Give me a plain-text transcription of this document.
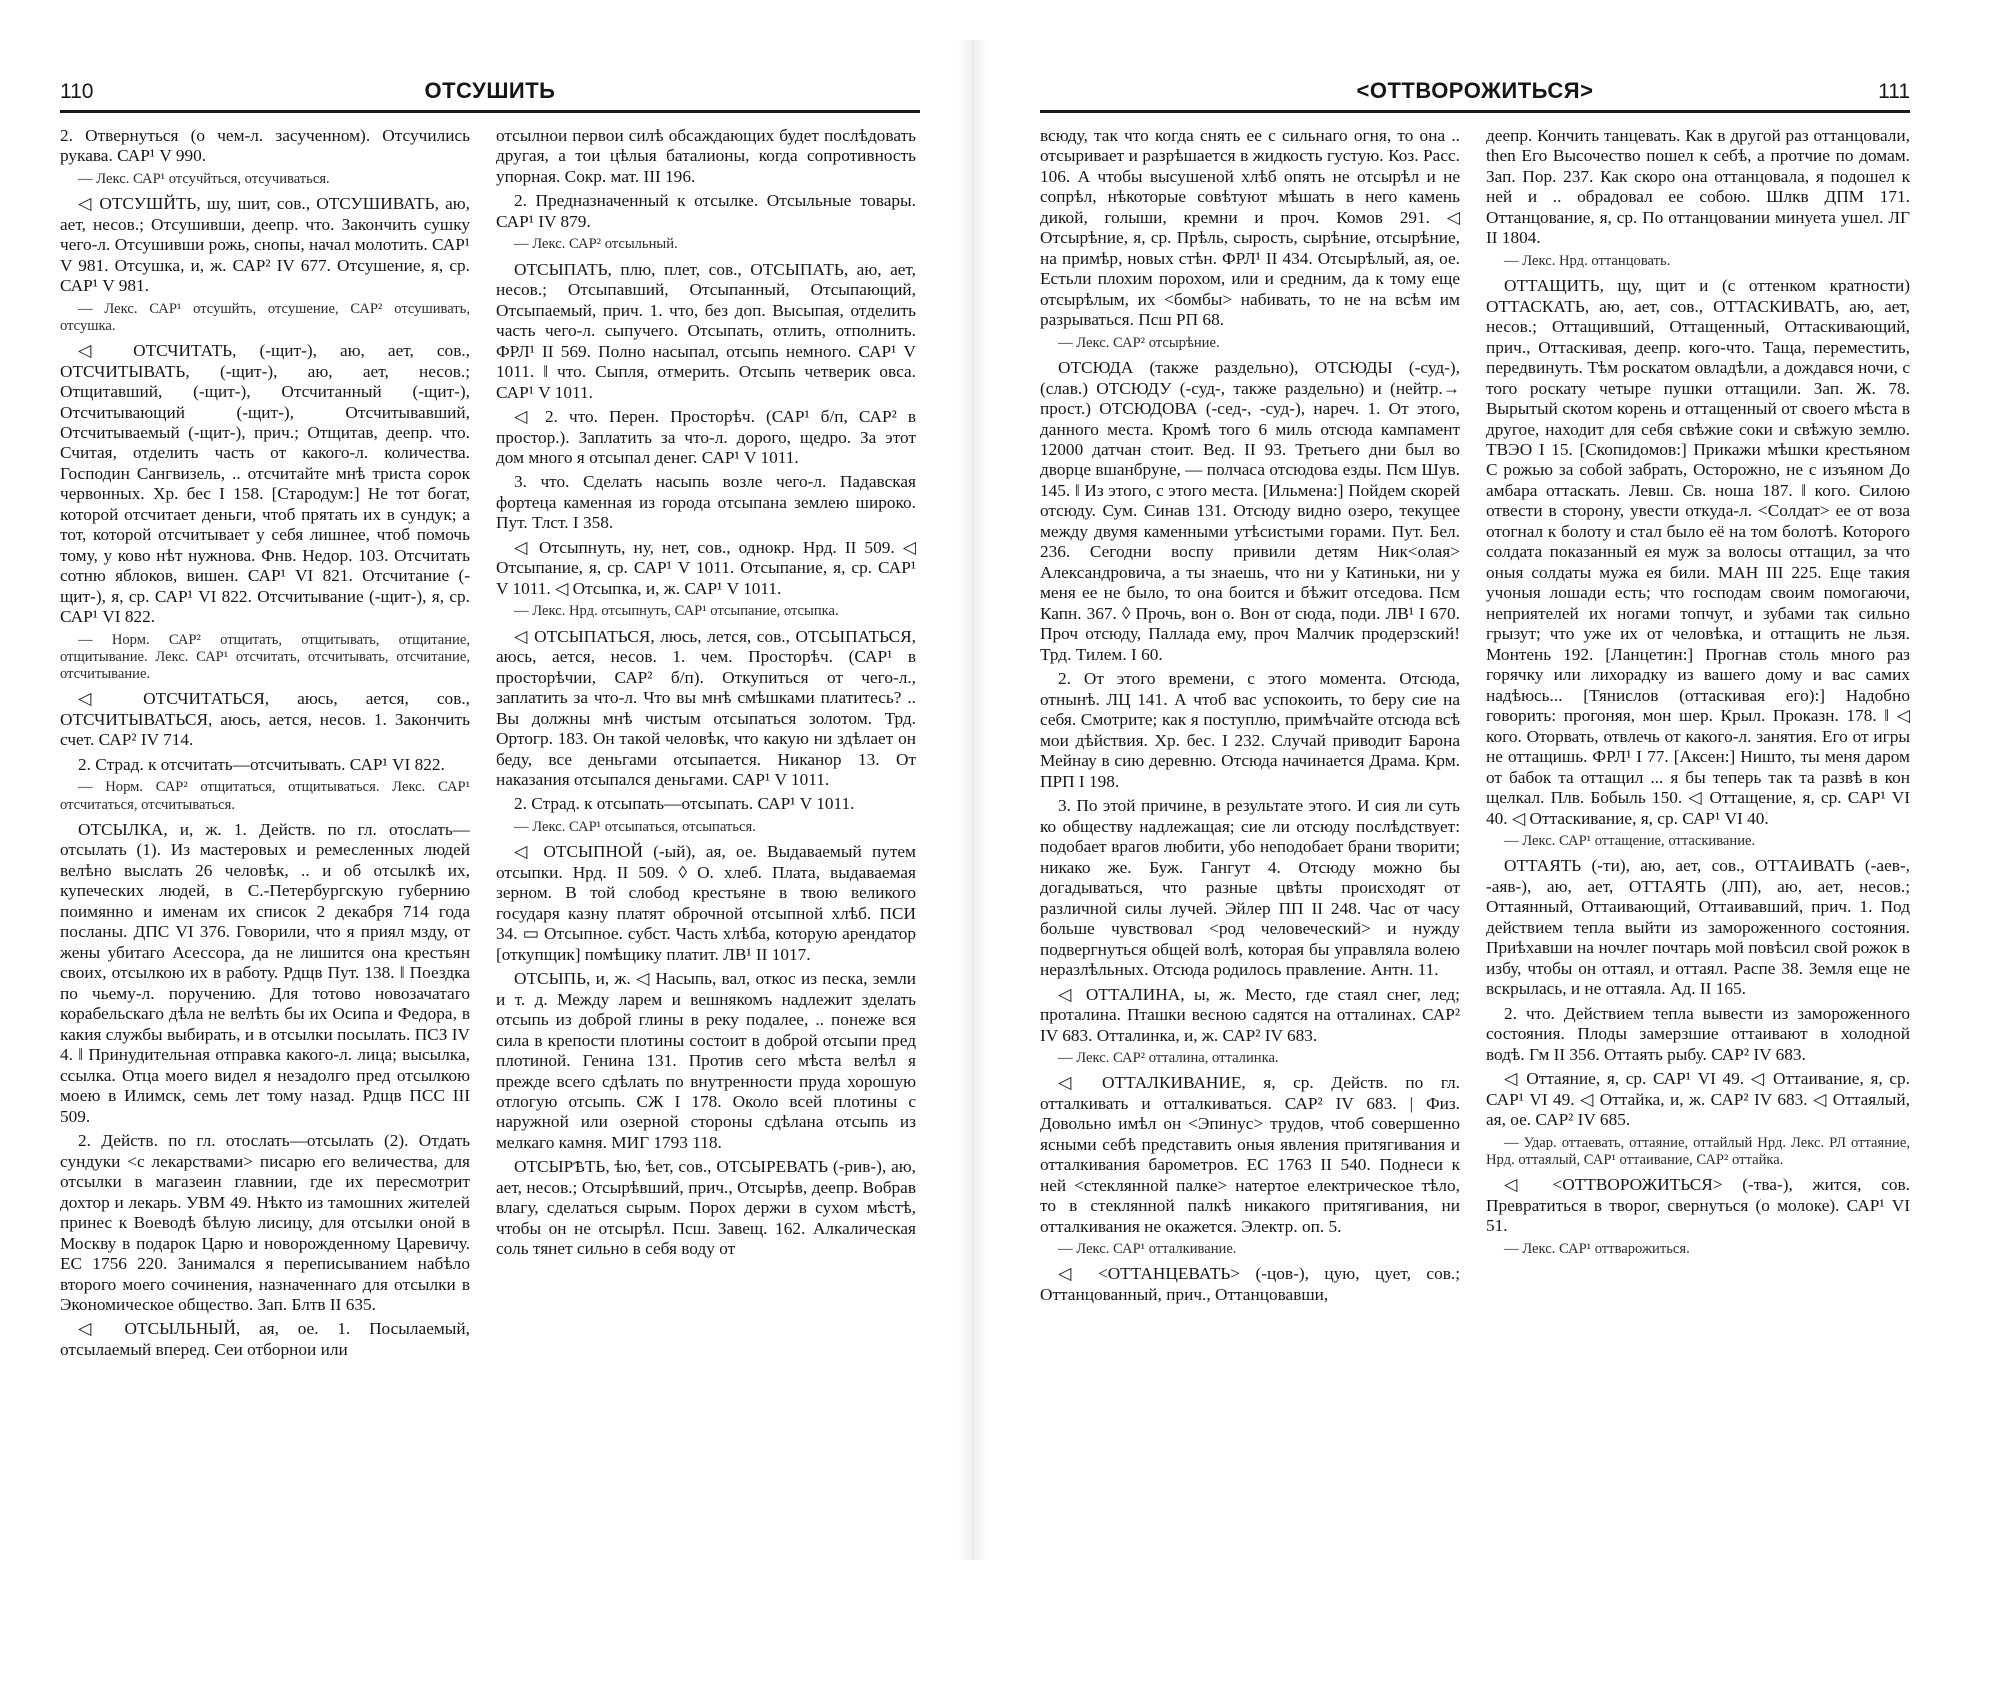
110	ОТСУШИТЬ

2. Отвернуться (о чем-л. засученном). Отсучились рукава. САР¹ V 990.

— Лекс. САР¹ отсучйться, отсучиваться.

◁ ОТСУШЙТЬ, шу, шит, сов., ОТСУШИВАТЬ, аю, ает, несов.; Отсушивши, деепр. что. Закончить сушку чего-л. Отсушивши рожь, снопы, начал молотить. САР¹ V 981. Отсушка, и, ж. САР² IV 677. Отсушение, я, ср. САР¹ V 981.

— Лекс. САР¹ отсушйть, отсушение, САР² отсушивать, отсушка.

◁ ОТСЧИТАТЬ, (-щит-), аю, ает, сов., ОТСЧИТЫВАТЬ, (-щит-), аю, ает, несов.; Отщитавший, (-щит-), Отсчитанный (-щит-), Отсчитывающий (-щит-), Отсчитывавший, Отсчитываемый (-щит-), прич.; Отщитав, деепр. что. Считая, отделить часть от какого-л. количества. Господин Сангвизель, .. отсчитайте мнѣ триста сорок червонных. Хр. бес I 158. [Стародум:] Не тот богат, которой отсчитает деньги, чтоб прятать их в сундук; а тот, которой отсчитывает у себя лишнее, чтоб помочь тому, у ково нѣт нужнова. Фнв. Недор. 103. Отсчитать сотню яблоков, вишен. САР¹ VI 821. Отсчитание (-щит-), я, ср. САР¹ VI 822. Отсчитывание (-щит-), я, ср. САР¹ VI 822.

— Норм. САР² отщитать, отщитывать, отщитание, отщитывание. Лекс. САР¹ отсчитать, отсчитывать, отсчитание, отсчитывание.

◁ ОТСЧИТАТЬСЯ, аюсь, ается, сов., ОТСЧИТЫВАТЬСЯ, аюсь, ается, несов. 1. Закончить счет. САР² IV 714.

2. Страд. к отсчитать—отсчитывать. САР¹ VI 822.

— Норм. САР² отщитаться, отщитываться. Лекс. САР¹ отсчитаться, отсчитываться.

ОТСЫЛКА, и, ж. 1. Действ. по гл. отослать—отсылать (1). Из мастеровых и ремесленных людей велѣно выслать 26 человѣк, .. и об отсылкѣ их, купеческих людей, в С.-Петербургскую губернию поимянно и именам их список 2 декабря 714 года посланы. ДПС VI 376. Говорили, что я приял мзду, от жены убитаго Асессора, да не лишится она крестьян своих, отсылкою их в работу. Рдщв Пут. 138. ‖ Поездка по чьему-л. поручению. Для тотово новозачатаго корабельскаго дѣла не велѣть бы их Осипа и Федора, в какия службы выбирать, и в отсылки посылать. ПСЗ IV 4. ‖ Принудительная отправка какого-л. лица; высылка, ссылка. Отца моего видел я незадолго пред отсылкою моею в Илимск, семь лет тому назад. Рдщв ПСС III 509.

2. Действ. по гл. отослать—отсылать (2). Отдать сундуки <с лекарствами> писарю его величества, для отсылки в магазеин главнии, где их пересмотрит дохтор и лекарь. УВМ 49. Нѣкто из тамошних жителей принес к Воеводѣ бѣлую лисицу, для отсылки оной в Москву в подарок Царю и новорожденному Царевичу. ЕС 1756 220. Занимался я переписыванием набѣло второго моего сочинения, назначеннаго для отсылки в Экономическое общество. Зап. Блтв II 635.

◁ ОТСЫЛЬНЫЙ, ая, ое. 1. Посылаемый, отсылаемый вперед. Сеи отборнои или

отсылнои первои силѣ обсаждающих будет послѣдовать другая, а тои цѣлыя баталионы, когда сопротивность упорная. Сокр. мат. III 196.

2. Предназначенный к отсылке. Отсыльные товары. САР¹ IV 879.

— Лекс. САР² отсыльный.

ОТСЫПАТЬ, плю, плет, сов., ОТСЫПАТЬ, аю, ает, несов.; Отсыпавший, Отсыпанный, Отсыпающий, Отсыпаемый, прич. 1. что, без доп. Высыпая, отделить часть чего-л. сыпучего. Отсыпать, отлить, отполнить. ФРЛ¹ II 569. Полно насыпал, отсыпь немного. САР¹ V 1011. ‖ что. Сыпля, отмерить. Отсыпь четверик овса. САР¹ V 1011.

◁ 2. что. Перен. Просторѣч. (САР¹ б/п, САР² в простор.). Заплатить за что-л. дорого, щедро. За этот дом много я отсыпал денег. САР¹ V 1011.

3. что. Сделать насыпь возле чего-л. Падавская фортеца каменная из города отсыпана землею широко. Пут. Тлст. I 358.

◁ Отсыпнуть, ну, нет, сов., однокр. Нрд. II 509. ◁ Отсыпание, я, ср. САР¹ V 1011. Отсыпание, я, ср. САР¹ V 1011. ◁ Отсыпка, и, ж. САР¹ V 1011.

— Лекс. Нрд. отсыпнуть, САР¹ отсыпание, отсыпка.

◁ ОТСЫПАТЬСЯ, люсь, лется, сов., ОТСЫПАТЬСЯ, аюсь, ается, несов. 1. чем. Просторѣч. (САР¹ в просторѣчии, САР² б/п). Откупиться от чего-л., заплатить за что-л. Что вы мнѣ смѣшками платитесь? .. Вы должны мнѣ чистым отсыпаться золотом. Трд. Ортогр. 183. Он такой человѣк, что какую ни здѣлает он беду, все деньгами отсыпается. Никанор 13. От наказания отсыпался деньгами. САР¹ V 1011.

2. Страд. к отсыпать—отсыпать. САР¹ V 1011.

— Лекс. САР¹ отсыпаться, отсыпаться.

◁ ОТСЫПНОЙ (-ый), ая, ое. Выдаваемый путем отсыпки. Нрд. II 509. ◊ О. хлеб. Плата, выдаваемая зерном. В той слобод крестьяне в твою великого государя казну платят оброчной отсыпной хлѣб. ПСИ 34. ▭ Отсыпное. субст. Часть хлѣба, которую арендатор [откупщик] помѣщику платит. ЛВ¹ II 1017.

ОТСЫПЬ, и, ж. ◁ Насыпь, вал, откос из песка, земли и т. д. Между ларем и вешнякомъ надлежит зделать отсыпь из доброй глины в реку подалее, .. понеже вся сила в крепости плотины состоит в доброй отсыпи пред плотиной. Генина 131. Против сего мѣста велѣл я прежде всего сдѣлать по внутренности пруда хорошую отлогую отсыпь. СЖ I 178. Около всей плотины с наружной или озерной стороны сдѣлана отсыпь из мелкаго камня. МИГ 1793 118.

ОТСЫРѢТЬ, ѣю, ѣет, сов., ОТСЫРЕВАТЬ (-рив-), аю, ает, несов.; Отсырѣвший, прич., Отсырѣв, деепр. Вобрав влагу, сделаться сырым. Порох держи в сухом мѣстѣ, чтобы он не отсырѣл. Псш. Завещ. 162. Алкалическая соль тянет сильно в себя воду от

<ОТТВОРОЖИТЬСЯ>	111

всюду, так что когда снять ее с сильнаго огня, то она .. отсыривает и разрѣшается в жидкость густую. Коз. Расс. 106. А чтобы высушеной хлѣб опять не отсырѣл и не сопрѣл, нѣкоторые совѣтуют мѣшать в него камень дикой, голыши, кремни и проч. Комов 291. ◁ Отсырѣние, я, ср. Прѣль, сырость, сырѣние, отсырѣние, на примѣр, новых стѣн. ФРЛ¹ II 434. Отсырѣлый, ая, ое. Естьли плохим порохом, или и средним, да к тому еще отсырѣлым, их <бомбы> набивать, то не на всѣм им разрываться. Псш РП 68.

— Лекс. САР² отсырѣние.

ОТСЮДА (также раздельно), ОТСЮДЫ (-суд-), (слав.) ОТСЮДУ (-суд-, также раздельно) и (нейтр.→ прост.) ОТСЮДОВА (-сед-, -суд-), нареч. 1. От этого, данного места. Кромѣ того 6 миль отсюда кампамент 12000 датчан стоит. Вед. II 93. Третьего дни был во дворце вшанбруне, — полчаса отсюдова езды. Псм Шув. 145. ‖ Из этого, с этого места. [Ильмена:] Пойдем скорей отсюду. Сум. Синав 131. Отсюду видно озеро, текущее между двумя каменными утѣсистыми горами. Пут. Бел. 236. Сегодни воспу привили детям Ник<олая> Александровича, а ты знаешь, что ни у Катиньки, ни у меня ее не было, то она боится и бѣжит отседова. Псм Капн. 367. ◊ Прочь, вон о. Вон от сюда, поди. ЛВ¹ I 670. Проч отсюду, Паллада ему, проч Малчик продерзский! Трд. Тилем. I 60.

2. От этого времени, с этого момента. Отсюда, отнынѣ. ЛЦ 141. А чтоб вас успокоить, то беру сие на себя. Смотрите; как я поступлю, примѣчайте отсюда всѣ мои дѣйствия. Хр. бес. I 232. Случай приводит Барона Мейнау в сию деревню. Отсюда начинается Драма. Крм. ПРП I 198.

3. По этой причине, в результате этого. И сия ли суть ко обществу надлежащая; сие ли отсюду послѣдствует: подобает врагов любити, убо неподобает брани творити; никако же. Буж. Гангут 4. Отсюду можно бы догадываться, что разные цвѣты происходят от различной силы лучей. Эйлер ПП II 248. Час от часу больше чувствовал <род человеческий> и нужду подвергнуться общей волѣ, которая бы управляла волею неразлѣльных. Отсюда родилось правление. Антн. 11.

◁ ОТТАЛИНА, ы, ж. Место, где стаял снег, лед; проталина. Пташки весною садятся на отталинах. САР² IV 683. Отталинка, и, ж. САР² IV 683.

— Лекс. САР² отталина, отталинка.

◁ ОТТАЛКИВАНИЕ, я, ср. Действ. по гл. отталкивать и отталкиваться. САР² IV 683. | Физ. Довольно имѣл он <Эпинус> трудов, чтоб совершенно ясными себѣ представить оныя явления притягивания и отталкивания барометров. ЕС 1763 II 540. Поднеси к ней <стеклянной палке> натертое електрическое тѣло, то в стеклянной палкѣ никакого притягивания, ни отталкивания не окажется. Электр. оп. 5.

— Лекс. САР¹ отталкивание.

◁ <ОТТАНЦЕВАТЬ> (-цов-), цую, цует, сов.; Оттанцованный, прич., Оттанцовавши,

деепр. Кончить танцевать. Как в другой раз оттанцовали, then Его Высочество пошел к себѣ, а протчие по домам. Зап. Пор. 237. Как скоро она оттанцовала, я подошел к ней и .. обрадовал ее собою. Шлкв ДПМ 171. Оттанцование, я, ср. По оттанцовании минуета ушел. ЛГ II 1804.

— Лекс. Нрд. оттанцовать.

ОТТАЩИТЬ, щу, щит и (с оттенком кратности) ОТТАСКАТЬ, аю, ает, сов., ОТТАСКИВАТЬ, аю, ает, несов.; Оттащивший, Оттащенный, Оттаскивающий, прич., Оттаскивая, деепр. кого-что. Таща, переместить, передвинуть. Тѣм роскатом овладѣли, а дождався ночи, с того роскату четыре пушки оттащили. Зап. Ж. 78. Вырытый скотом корень и оттащенный от своего мѣста в другое, находит для себя свѣжие соки и свѣжую землю. ТВЭО I 15. [Скопидомов:] Прикажи мѣшки крестьяном С рожью за собой забрать, Осторожно, не с изъяном До амбара оттаскать. Левш. Св. ноша 187. ‖ кого. Силою отвести в сторону, увести откуда-л. <Солдат> ее от воза отогнал к болоту и стал было её на том болотѣ. Которого солдата показанный ея муж за волосы оттащил, за что оныя солдаты мужа ея били. МАН III 225. Еще такия учоныя лошади есть; что господам своим помогаючи, неприятелей их ногами топчут, и зубами так сильно грызут; что уже их от человѣка, и оттащить не льзя. Монтень 192. [Ланцетин:] Прогнав столь много раз горячку или лихорадку из вашего дому и вас самих надѣюсь... [Тянислов (оттаскивая его):] Надобно говорить: прогоняя, мон шер. Крыл. Проказн. 178. ‖ ◁ кого. Оторвать, отвлечь от какого-л. занятия. Его от игры не оттащишь. ФРЛ¹ I 77. [Аксен:] Ништо, ты меня даром от бабок та оттащил ... я бы теперь так та развѣ в кон щелкал. Плв. Бобыль 150. ◁ Оттащение, я, ср. САР¹ VI 40. ◁ Оттаскивание, я, ср. САР¹ VI 40.

— Лекс. САР¹ оттащение, оттаскивание.

ОТТАЯТЬ (-ти), аю, ает, сов., ОТТАИВАТЬ (-аев-, -аяв-), аю, ает, ОТТАЯТЬ (ЛП), аю, ает, несов.; Оттаянный, Оттаивающий, Оттаивавший, прич. 1. Под действием тепла выйти из замороженного состояния. Приѣхавши на ночлег почтарь мой повѣсил свой рожок в избу, чтобы он оттаял, и оттаял. Распе 38. Земля еще не вскрылась, и не оттаяла. Ад. II 165.

2. что. Действием тепла вывести из замороженного состояния. Плоды замерзшие оттаивают в холодной водѣ. Гм II 356. Оттаять рыбу. САР² IV 683.

◁ Оттаяние, я, ср. САР¹ VI 49. ◁ Оттаивание, я, ср. САР¹ VI 49. ◁ Оттайка, и, ж. САР² IV 683. ◁ Оттаялый, ая, ое. САР² IV 685.

— Удар. оттаевать, оттаяние, оттайлый Нрд. Лекс. РЛ оттаяние, Нрд. оттаялый, САР¹ оттаивание, САР² оттайка.

◁ <ОТТВОРОЖИТЬСЯ> (-тва-), жится, сов. Превратиться в творог, свернуться (о молоке). САР¹ VI 51.

— Лекс. САР¹ оттварожиться.
